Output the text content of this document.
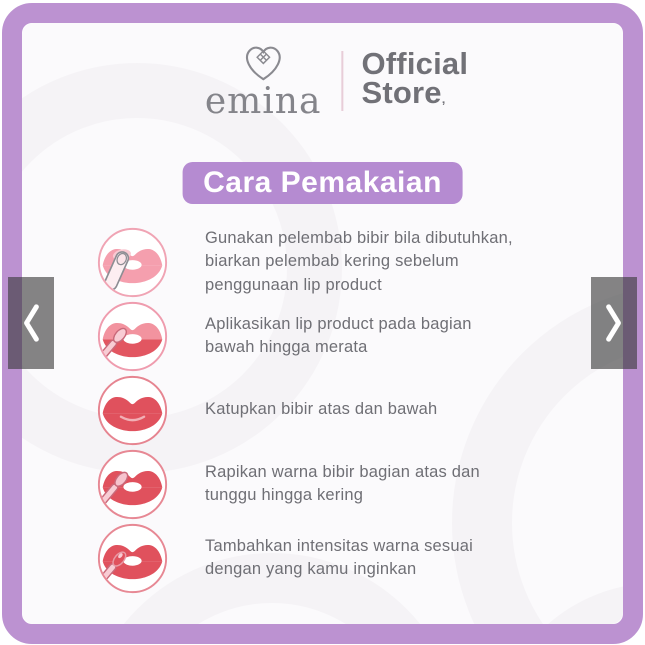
emina
Official
Store‚
Cara Pemakaian

Gunakan pelembab bibir bila dibutuhkan,
biarkan pelembab kering sebelum
penggunaan lip product

Aplikasikan lip product pada bagian
bawah hingga merata

Katupkan bibir atas dan bawah

Rapikan warna bibir bagian atas dan
tunggu hingga kering

Tambahkan intensitas warna sesuai
dengan yang kamu inginkan
